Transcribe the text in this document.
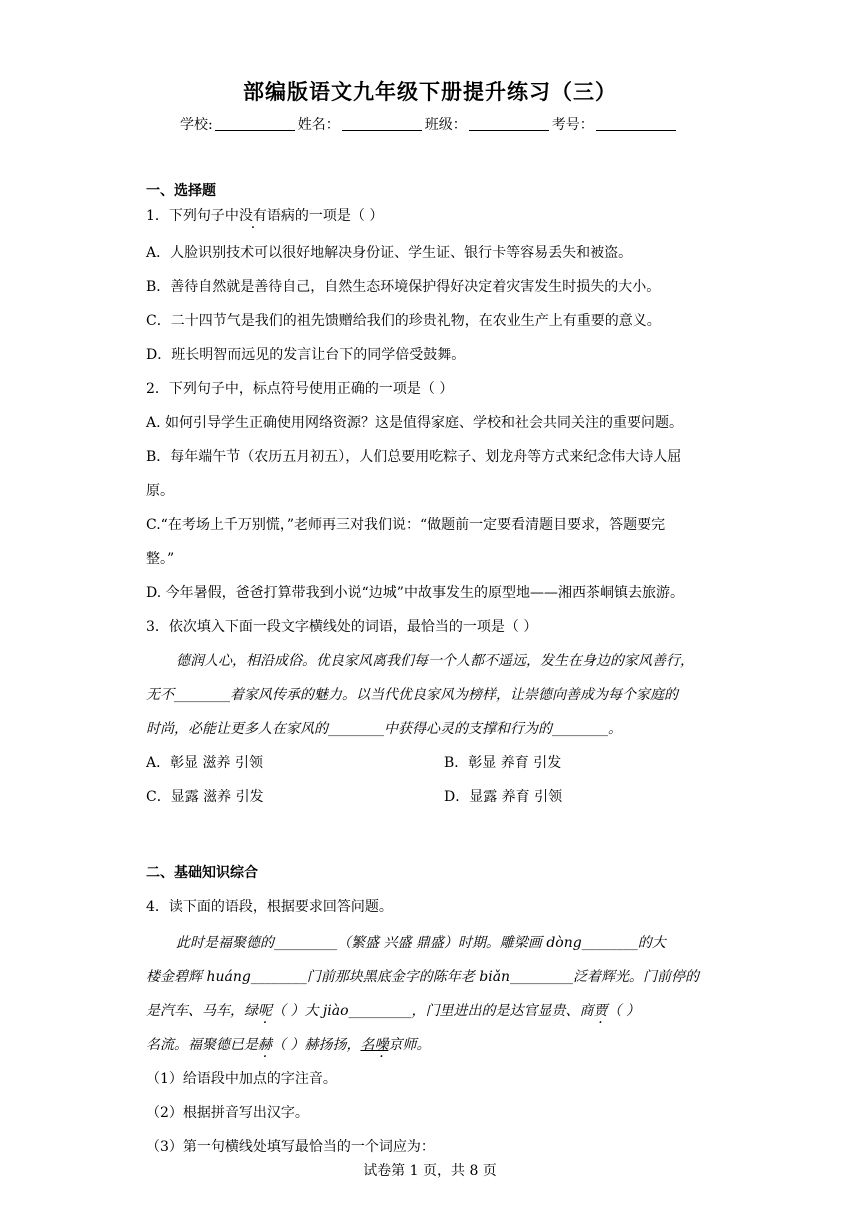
部编版语文九年级下册提升练习（三）
学校:	姓名：	班级：	考号：
一、选择题
1．下列句子中没有语病的一项是（ ）
A．人脸识别技术可以很好地解决身份证、学生证、银行卡等容易丢失和被盗。
B．善待自然就是善待自己，自然生态环境保护得好决定着灾害发生时损失的大小。
C．二十四节气是我们的祖先馈赠给我们的珍贵礼物，在农业生产上有重要的意义。
D．班长明智而远见的发言让台下的同学倍受鼓舞。
2．下列句子中，标点符号使用正确的一项是（ ）
A. 如何引导学生正确使用网络资源？这是值得家庭、学校和社会共同关注的重要问题。
B．每年端午节（农历五月初五），人们总要用吃粽子、划龙舟等方式来纪念伟大诗人屈
原。
C.“在考场上千万别慌，”老师再三对我们说：“做题前一定要看清题目要求，答题要完
整。”
D. 今年暑假，爸爸打算带我到小说“边城”中故事发生的原型地——湘西茶峒镇去旅游。
3．依次填入下面一段文字横线处的词语，最恰当的一项是（ ）
德润人心，相沿成俗。优良家风离我们每一个人都不遥远，发生在身边的家风善行，
无不________着家风传承的魅力。以当代优良家风为榜样，让崇德向善成为每个家庭的
时尚，必能让更多人在家风的________中获得心灵的支撑和行为的________。
A．彰显 滋养 引领	B．彰显 养育 引发
C．显露 滋养 引发	D．显露 养育 引领
二、基础知识综合
4．读下面的语段，根据要求回答问题。
此时是福聚德的_________（繁盛 兴盛 鼎盛）时期。雕梁画 dòng________的大
楼金碧辉 huáng________门前那块黑底金字的陈年老 biǎn_________泛着辉光。门前停的
是汽车、马车，绿呢（ ）大 jiào_________，门里进出的是达官显贵、商贾（ ）
名流。福聚德已是赫（ ）赫扬扬，名噪京师。
（1）给语段中加点的字注音。
（2）根据拼音写出汉字。
（3）第一句横线处填写最恰当的一个词应为：
试卷第 1 页，共 8 页
